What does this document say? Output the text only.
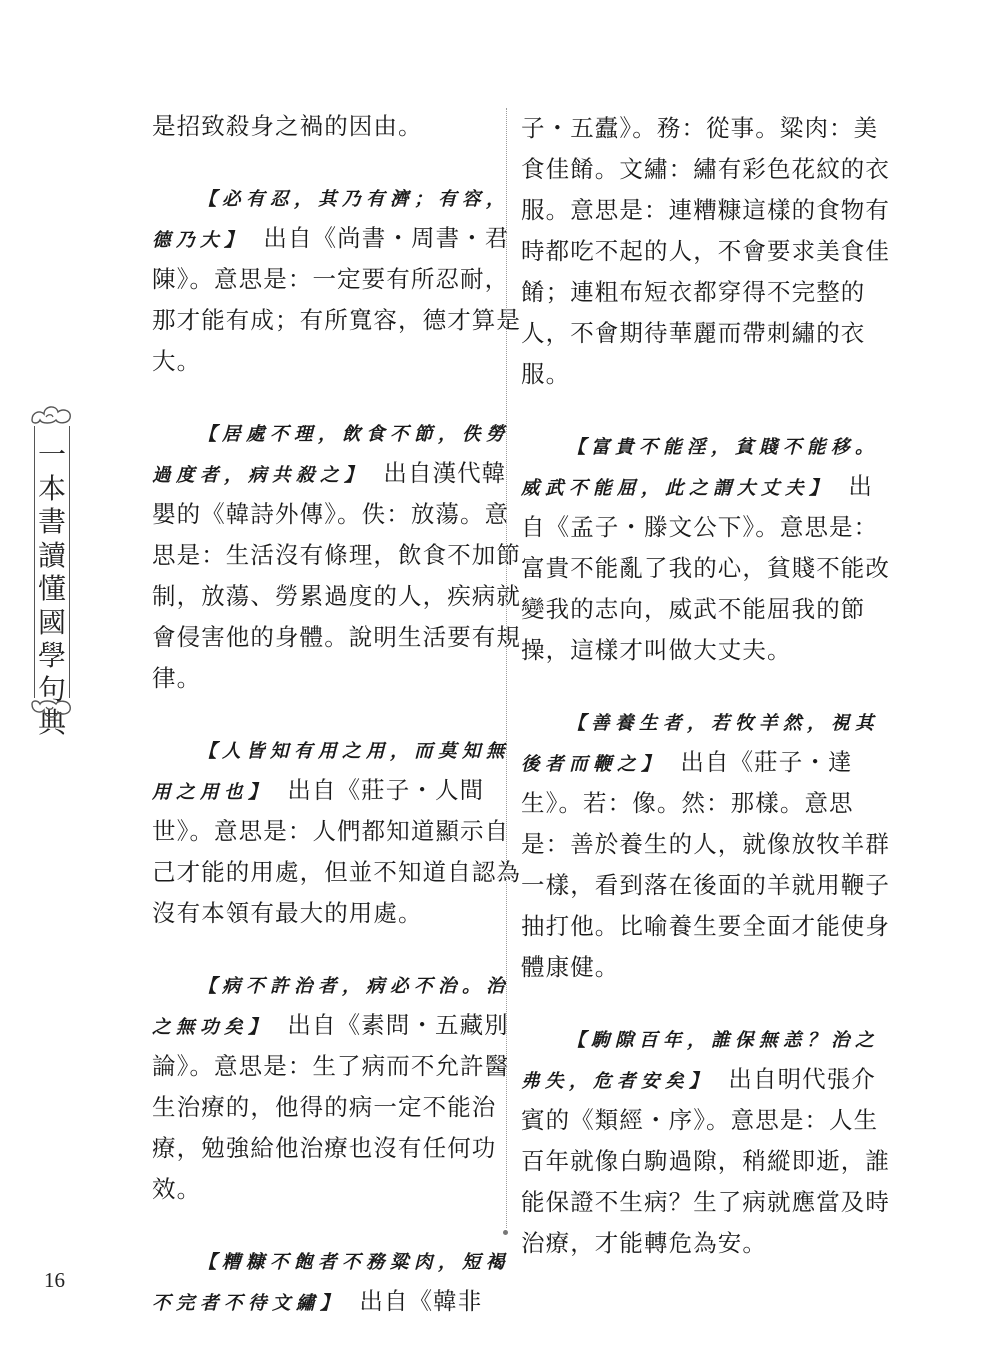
一
本
書
讀
懂
國
學
句
典
是招致殺身之禍的因由。
【必有忍，其乃有濟；有容，
德乃大】　出自《尚書・周書・君
陳》。意思是：一定要有所忍耐，
那才能有成；有所寬容，德才算是
大。
【居處不理，飲食不節，佚勞
過度者，病共殺之】　出自漢代韓
嬰的《韓詩外傳》。佚：放蕩。意
思是：生活沒有條理，飲食不加節
制，放蕩、勞累過度的人，疾病就
會侵害他的身體。說明生活要有規
律。
【人皆知有用之用，而莫知無
用之用也】　出自《莊子・人間
世》。意思是：人們都知道顯示自
己才能的用處，但並不知道自認為
沒有本領有最大的用處。
【病不許治者，病必不治。治
之無功矣】　出自《素問・五藏別
論》。意思是：生了病而不允許醫
生治療的，他得的病一定不能治
療，勉強給他治療也沒有任何功
效。
【糟糠不飽者不務粱肉，短褐
不完者不待文繡】　出自《韓非
子・五蠹》。務：從事。粱肉：美
食佳餚。文繡：繡有彩色花紋的衣
服。意思是：連糟糠這樣的食物有
時都吃不起的人，不會要求美食佳
餚；連粗布短衣都穿得不完整的
人，不會期待華麗而帶刺繡的衣
服。
【富貴不能淫，貧賤不能移。
威武不能屈，此之謂大丈夫】　出
自《孟子・滕文公下》。意思是：
富貴不能亂了我的心，貧賤不能改
變我的志向，威武不能屈我的節
操，這樣才叫做大丈夫。
【善養生者，若牧羊然，視其
後者而鞭之】　出自《莊子・達
生》。若：像。然：那樣。意思
是：善於養生的人，就像放牧羊群
一樣，看到落在後面的羊就用鞭子
抽打他。比喻養生要全面才能使身
體康健。
【駒隙百年，誰保無恙？治之
弗失，危者安矣】　出自明代張介
賓的《類經・序》。意思是：人生
百年就像白駒過隙，稍縱即逝，誰
能保證不生病？生了病就應當及時
治療，才能轉危為安。
16
